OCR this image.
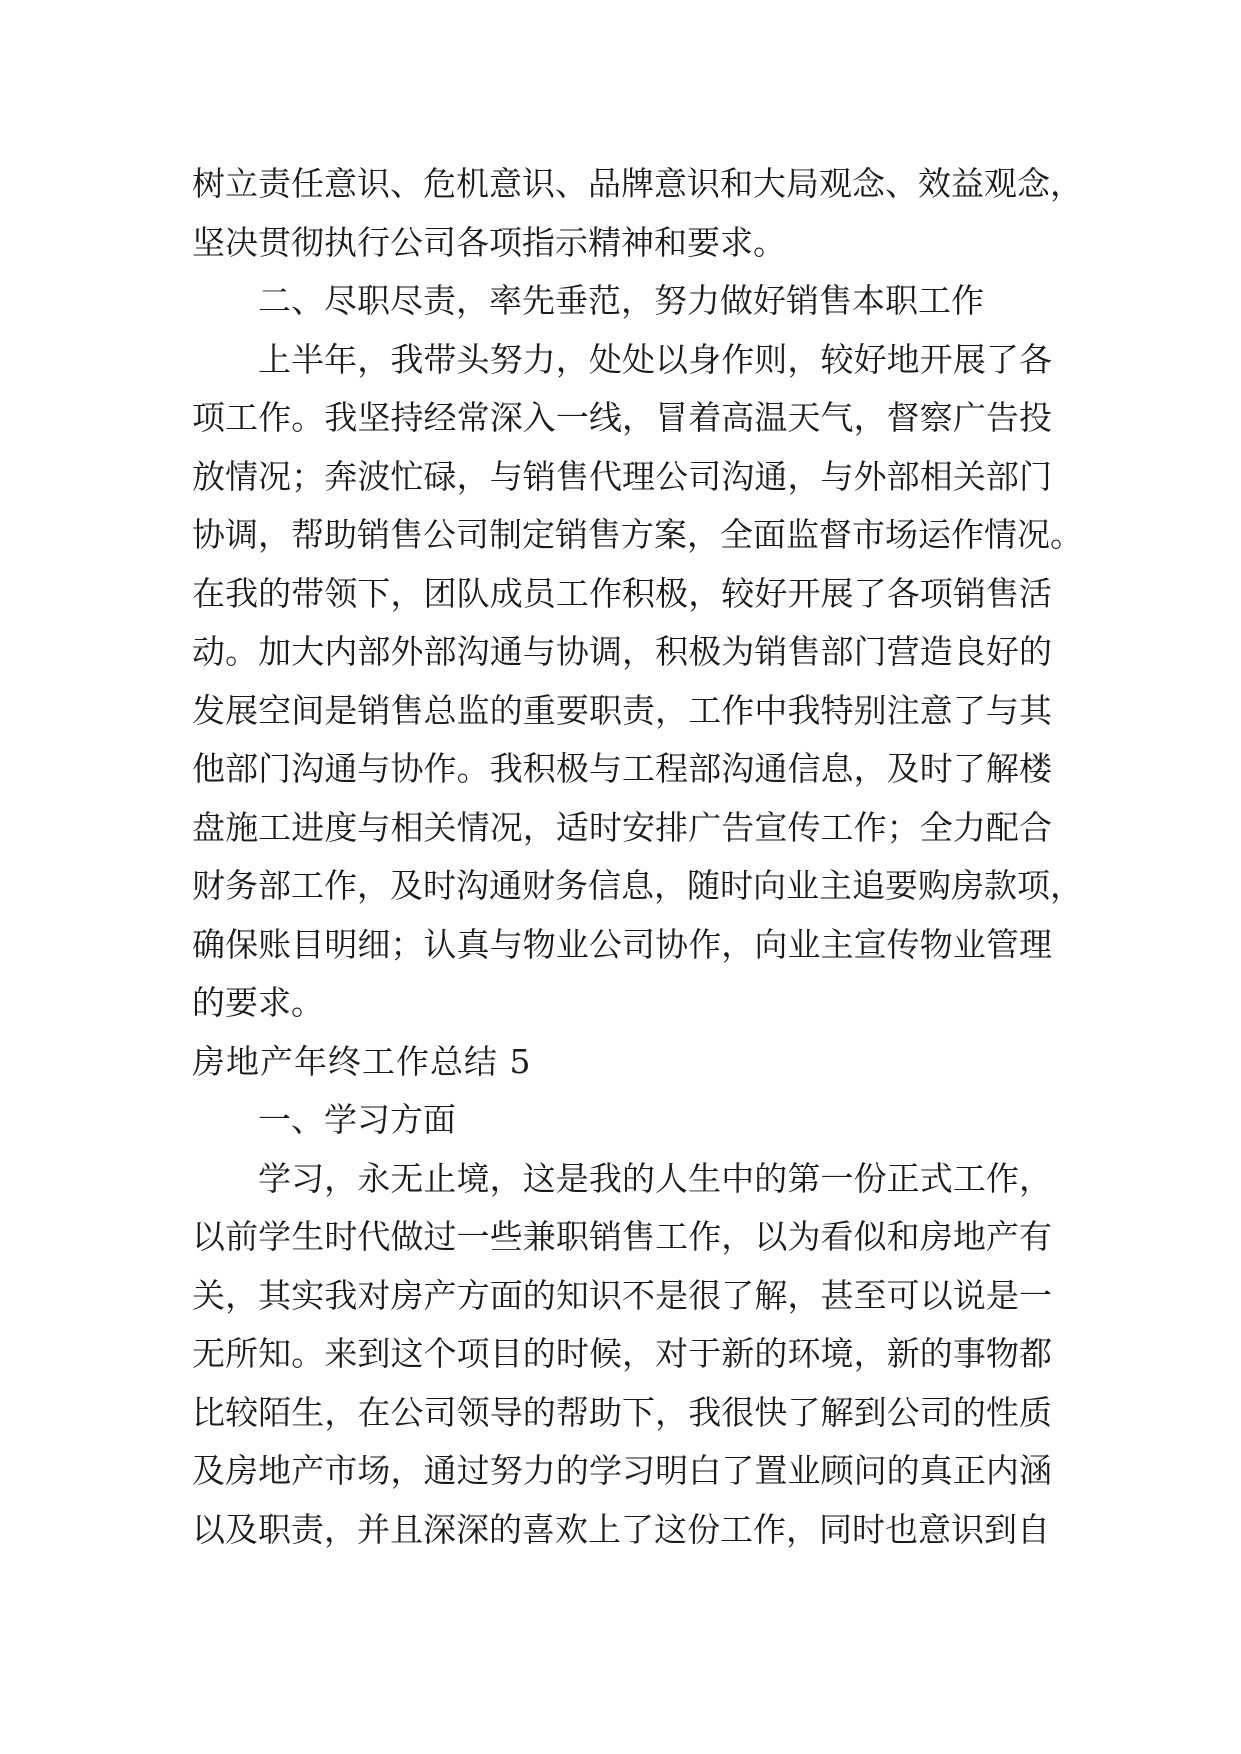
树立责任意识、危机意识、品牌意识和大局观念、效益观念，
坚决贯彻执行公司各项指示精神和要求。
二、尽职尽责，率先垂范，努力做好销售本职工作
上半年，我带头努力，处处以身作则，较好地开展了各
项工作。我坚持经常深入一线，冒着高温天气，督察广告投
放情况；奔波忙碌，与销售代理公司沟通，与外部相关部门
协调，帮助销售公司制定销售方案，全面监督市场运作情况。
在我的带领下，团队成员工作积极，较好开展了各项销售活
动。加大内部外部沟通与协调，积极为销售部门营造良好的
发展空间是销售总监的重要职责，工作中我特别注意了与其
他部门沟通与协作。我积极与工程部沟通信息，及时了解楼
盘施工进度与相关情况，适时安排广告宣传工作；全力配合
财务部工作，及时沟通财务信息，随时向业主追要购房款项，
确保账目明细；认真与物业公司协作，向业主宣传物业管理
的要求。
房地产年终工作总结 5
一、学习方面
学习，永无止境，这是我的人生中的第一份正式工作，
以前学生时代做过一些兼职销售工作，以为看似和房地产有
关，其实我对房产方面的知识不是很了解，甚至可以说是一
无所知。来到这个项目的时候，对于新的环境，新的事物都
比较陌生，在公司领导的帮助下，我很快了解到公司的性质
及房地产市场，通过努力的学习明白了置业顾问的真正内涵
以及职责，并且深深的喜欢上了这份工作，同时也意识到自
